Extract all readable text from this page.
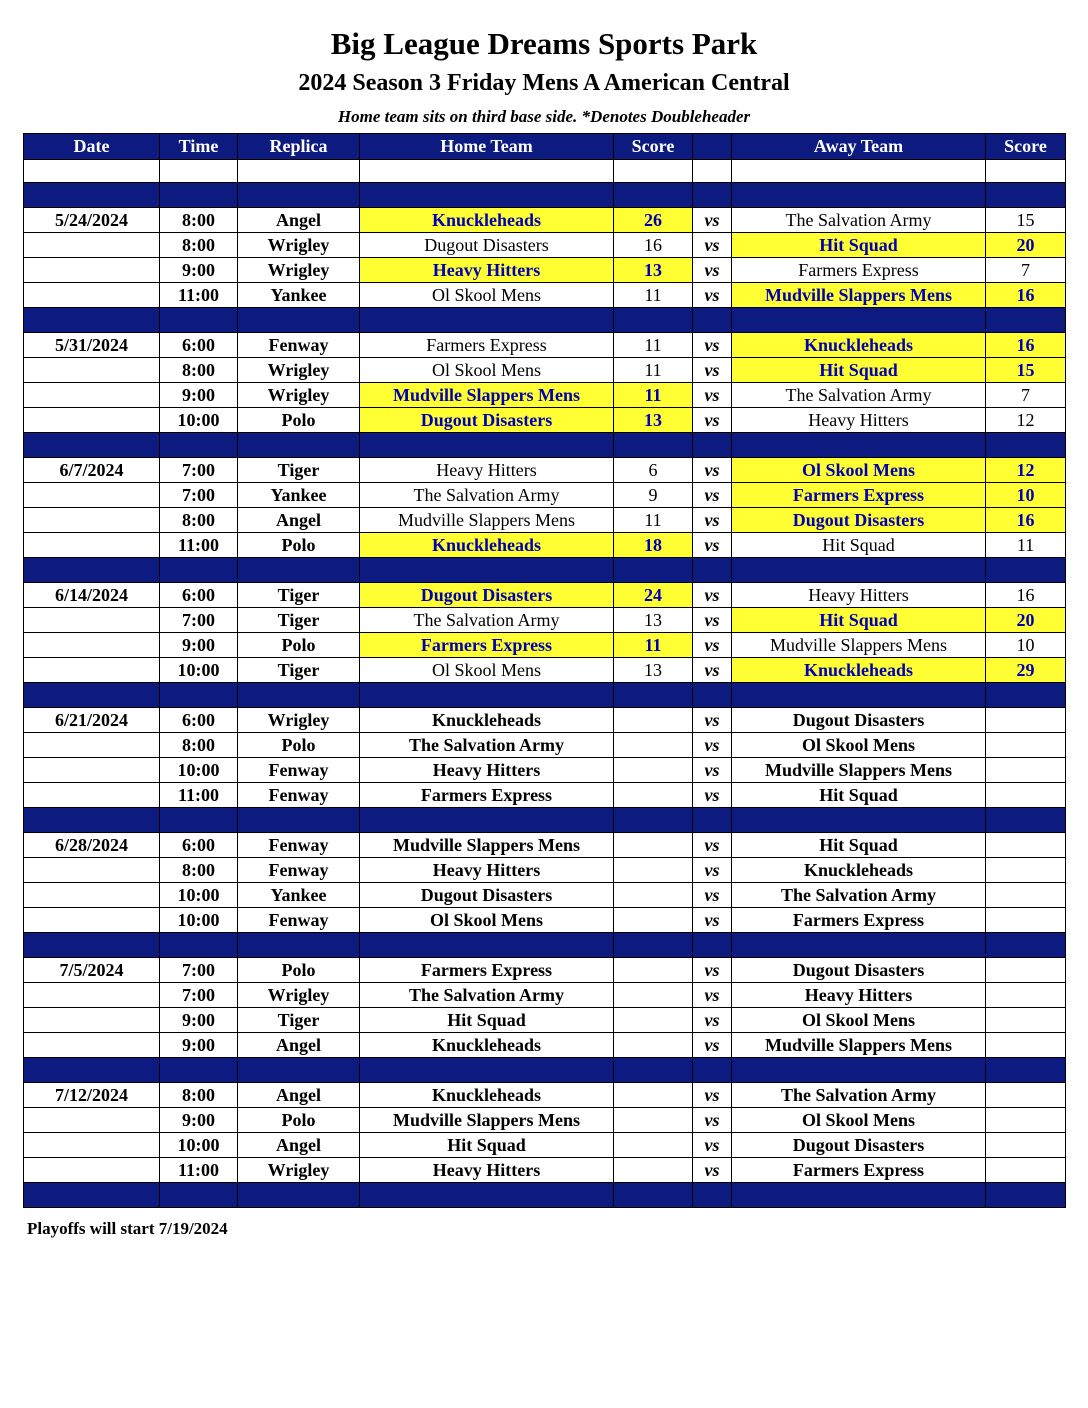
Big League Dreams Sports Park
2024 Season 3 Friday Mens A American Central
Home team sits on third base side. *Denotes Doubleheader
Date	Time	Replica	Home Team	Score		Away Team	Score

5/24/2024	8:00	Angel	Knuckleheads	26	vs	The Salvation Army	15
	8:00	Wrigley	Dugout Disasters	16	vs	Hit Squad	20
	9:00	Wrigley	Heavy Hitters	13	vs	Farmers Express	7
	11:00	Yankee	Ol Skool Mens	11	vs	Mudville Slappers Mens	16

5/31/2024	6:00	Fenway	Farmers Express	11	vs	Knuckleheads	16
	8:00	Wrigley	Ol Skool Mens	11	vs	Hit Squad	15
	9:00	Wrigley	Mudville Slappers Mens	11	vs	The Salvation Army	7
	10:00	Polo	Dugout Disasters	13	vs	Heavy Hitters	12

6/7/2024	7:00	Tiger	Heavy Hitters	6	vs	Ol Skool Mens	12
	7:00	Yankee	The Salvation Army	9	vs	Farmers Express	10
	8:00	Angel	Mudville Slappers Mens	11	vs	Dugout Disasters	16
	11:00	Polo	Knuckleheads	18	vs	Hit Squad	11

6/14/2024	6:00	Tiger	Dugout Disasters	24	vs	Heavy Hitters	16
	7:00	Tiger	The Salvation Army	13	vs	Hit Squad	20
	9:00	Polo	Farmers Express	11	vs	Mudville Slappers Mens	10
	10:00	Tiger	Ol Skool Mens	13	vs	Knuckleheads	29

6/21/2024	6:00	Wrigley	Knuckleheads		vs	Dugout Disasters	
	8:00	Polo	The Salvation Army		vs	Ol Skool Mens	
	10:00	Fenway	Heavy Hitters		vs	Mudville Slappers Mens	
	11:00	Fenway	Farmers Express		vs	Hit Squad	

6/28/2024	6:00	Fenway	Mudville Slappers Mens		vs	Hit Squad	
	8:00	Fenway	Heavy Hitters		vs	Knuckleheads	
	10:00	Yankee	Dugout Disasters		vs	The Salvation Army	
	10:00	Fenway	Ol Skool Mens		vs	Farmers Express	

7/5/2024	7:00	Polo	Farmers Express		vs	Dugout Disasters	
	7:00	Wrigley	The Salvation Army		vs	Heavy Hitters	
	9:00	Tiger	Hit Squad		vs	Ol Skool Mens	
	9:00	Angel	Knuckleheads		vs	Mudville Slappers Mens	

7/12/2024	8:00	Angel	Knuckleheads		vs	The Salvation Army	
	9:00	Polo	Mudville Slappers Mens		vs	Ol Skool Mens	
	10:00	Angel	Hit Squad		vs	Dugout Disasters	
	11:00	Wrigley	Heavy Hitters		vs	Farmers Express	

Playoffs will start 7/19/2024
